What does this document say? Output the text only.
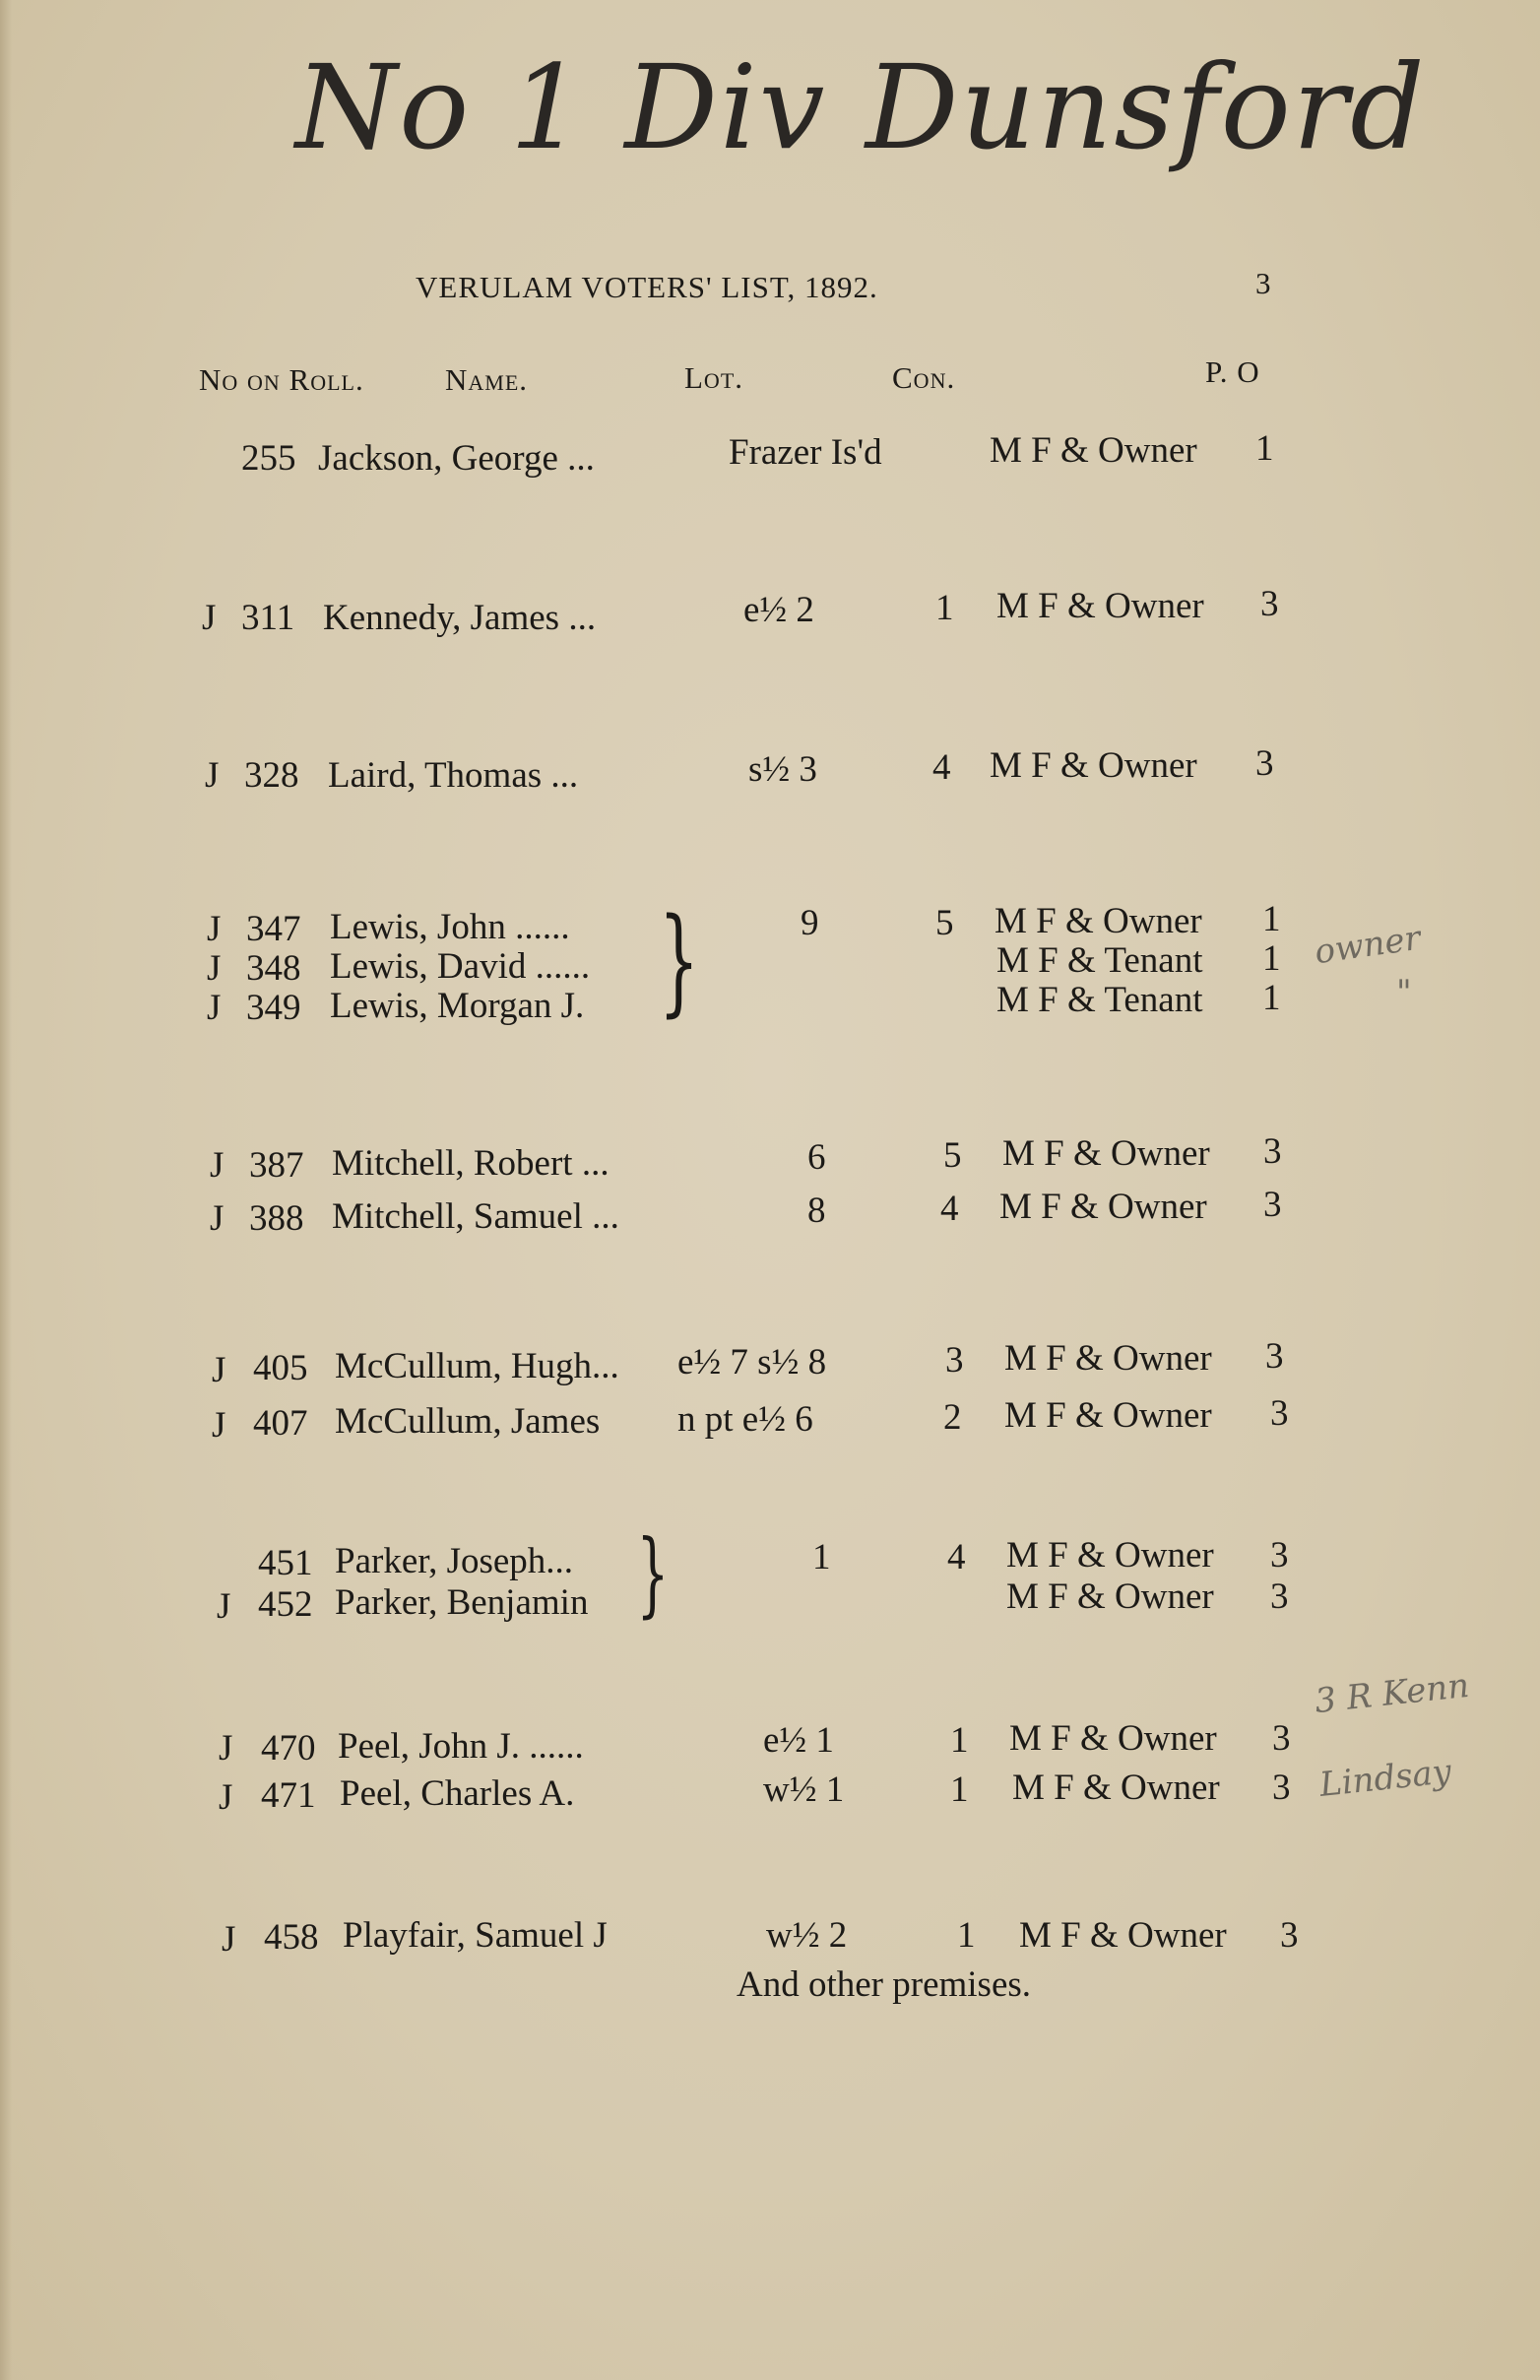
No 1 Div Dunsford
VERULAM VOTERS' LIST, 1892.	3
No on Roll.	Name.	Lot.	Con.	P. O
255 Jackson, George ...	Frazer Is'd	M F & Owner 1
J 311 Kennedy, James ...	e½ 2	1 M F & Owner 3
J 328 Laird, Thomas ...	s½ 3	4 M F & Owner 3
J 347 Lewis, John ......	9	5 M F & Owner 1
J 348 Lewis, David ......	M F & Tenant 1
J 349 Lewis, Morgan J.	M F & Tenant 1
}
J 387 Mitchell, Robert ...	6	5 M F & Owner 3
J 388 Mitchell, Samuel ...	8	4 M F & Owner 3
J 405 McCullum, Hugh... e½ 7 s½ 8	3 M F & Owner 3
J 407 McCullum, James n pt e½ 6	2 M F & Owner 3
451 Parker, Joseph...	1	4 M F & Owner 3
J 452 Parker, Benjamin	M F & Owner 3
}
J 470 Peel, John J. ......	e½ 1	1 M F & Owner 3
J 471 Peel, Charles A.	w½ 1	1 M F & Owner 3
J 458 Playfair, Samuel J	w½ 2	1 M F & Owner 3
And other premises.
owner
"
3 R Kenn
Lindsay
